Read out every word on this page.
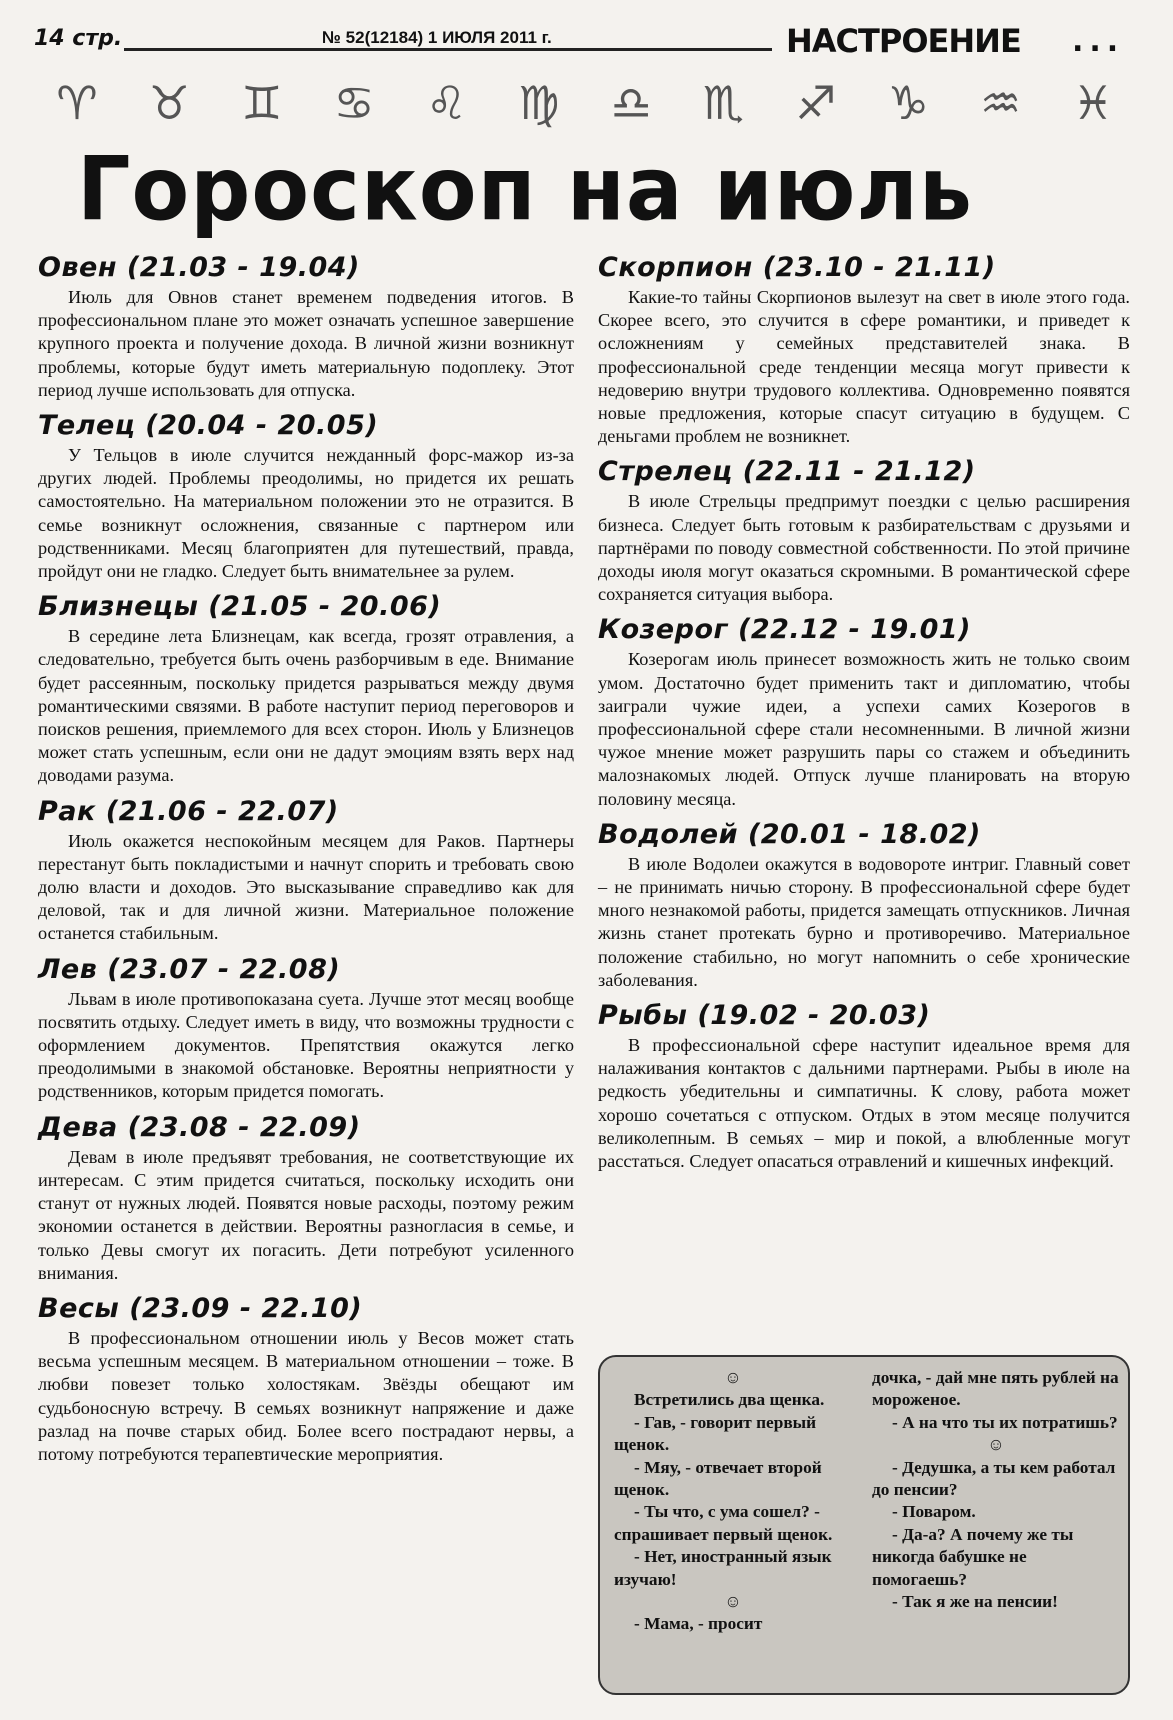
14 стр.	№ 52(12184) 1 ИЮЛЯ 2011 г.	НАСТРОЕНИЕ ...
♈	♉	♊	♋	♌	♍	♎	♏	♐	♑	♒	♓
Гороскоп на июль
Овен (21.03 - 19.04)

Июль для Овнов станет временем подведения итогов. В профессиональном плане это может означать успешное завершение крупного проекта и получение дохода. В личной жизни возникнут проблемы, которые будут иметь материальную подоплеку. Этот период лучше использовать для отпуска.

Телец (20.04 - 20.05)

У Тельцов в июле случится нежданный форс-мажор из-за других людей. Проблемы преодолимы, но придется их решать самостоятельно. На материальном положении это не отразится. В семье возникнут осложнения, связанные с партнером или родственниками. Месяц благоприятен для путешествий, правда, пройдут они не гладко. Следует быть внимательнее за рулем.

Близнецы (21.05 - 20.06)

В середине лета Близнецам, как всегда, грозят отравления, а следовательно, требуется быть очень разборчивым в еде. Внимание будет рассеянным, поскольку придется разрываться между двумя романтическими связями. В работе наступит период переговоров и поисков решения, приемлемого для всех сторон. Июль у Близнецов может стать успешным, если они не дадут эмоциям взять верх над доводами разума.

Рак (21.06 - 22.07)

Июль окажется неспокойным месяцем для Раков. Партнеры перестанут быть покладистыми и начнут спорить и требовать свою долю власти и доходов. Это высказывание справедливо как для деловой, так и для личной жизни. Материальное положение останется стабильным.

Лев (23.07 - 22.08)

Львам в июле противопоказана суета. Лучше этот месяц вообще посвятить отдыху. Следует иметь в виду, что возможны трудности с оформлением документов. Препятствия окажутся легко преодолимыми в знакомой обстановке. Вероятны неприятности у родственников, которым придется помогать.

Дева (23.08 - 22.09)

Девам в июле предъявят требования, не соответствующие их интересам. С этим придется считаться, поскольку исходить они станут от нужных людей. Появятся новые расходы, поэтому режим экономии останется в действии. Вероятны разногласия в семье, и только Девы смогут их погасить. Дети потребуют усиленного внимания.

Весы (23.09 - 22.10)

В профессиональном отношении июль у Весов может стать весьма успешным месяцем. В материальном отношении – тоже. В любви повезет только холостякам. Звёзды обещают им судьбоносную встречу. В семьях возникнут напряжение и даже разлад на почве старых обид. Более всего пострадают нервы, а потому потребуются терапевтические мероприятия.

Скорпион (23.10 - 21.11)

Какие-то тайны Скорпионов вылезут на свет в июле этого года. Скорее всего, это случится в сфере романтики, и приведет к осложнениям у семейных представителей знака. В профессиональной среде тенденции месяца могут привести к недоверию внутри трудового коллектива. Одновременно появятся новые предложения, которые спасут ситуацию в будущем. С деньгами проблем не возникнет.

Стрелец (22.11 - 21.12)

В июле Стрельцы предпримут поездки с целью расширения бизнеса. Следует быть готовым к разбирательствам с друзьями и партнёрами по поводу совместной собственности. По этой причине доходы июля могут оказаться скромными. В романтической сфере сохраняется ситуация выбора.

Козерог (22.12 - 19.01)

Козерогам июль принесет возможность жить не только своим умом. Достаточно будет применить такт и дипломатию, чтобы заиграли чужие идеи, а успехи самих Козерогов в профессиональной сфере стали несомненными. В личной жизни чужое мнение может разрушить пары со стажем и объединить малознакомых людей. Отпуск лучше планировать на вторую половину месяца.

Водолей (20.01 - 18.02)

В июле Водолеи окажутся в водовороте интриг. Главный совет – не принимать ничью сторону. В профессиональной сфере будет много незнакомой работы, придется замещать отпускников. Личная жизнь станет протекать бурно и противоречиво. Материальное положение стабильно, но могут напомнить о себе хронические заболевания.

Рыбы (19.02 - 20.03)

В профессиональной сфере наступит идеальное время для налаживания контактов с дальними партнерами. Рыбы в июле на редкость убедительны и симпатичны. К слову, работа может хорошо сочетаться с отпуском. Отдых в этом месяце получится великолепным. В семьях – мир и покой, а влюбленные могут расстаться. Следует опасаться отравлений и кишечных инфекций.

☺
Встретились два щенка.
- Гав, - говорит первый щенок.
- Мяу, - отвечает второй щенок.
- Ты что, с ума сошел? - спрашивает первый щенок.
- Нет, иностранный язык изучаю!
☺
- Мама, - просит
дочка, - дай мне пять рублей на мороженое.
- А на что ты их потратишь?
☺
- Дедушка, а ты кем работал до пенсии?
- Поваром.
- Да-а? А почему же ты никогда бабушке не помогаешь?
- Так я же на пенсии!
